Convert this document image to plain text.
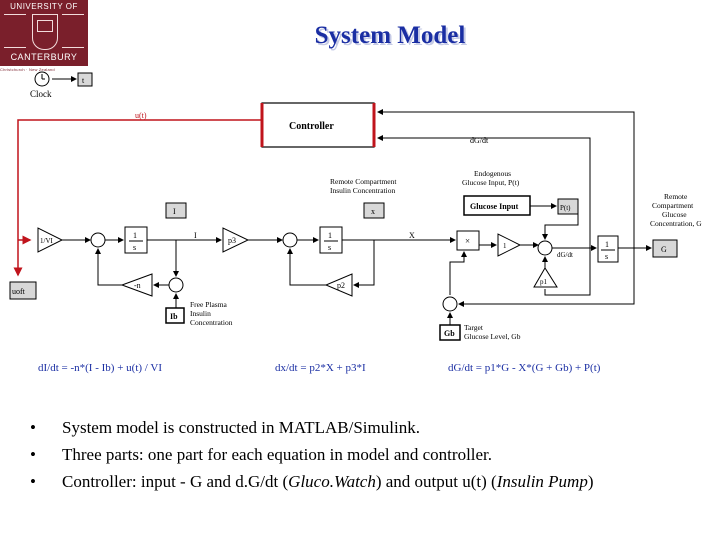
UNIVERSITY OF
CANTERBURY
Christchurch · New Zealand
System Model
Clock
t
u(t)
Controller
dG/dt
Remote Compartment Insulin Concentration
Endogenous Glucose Input, P(t)
Glucose Input	P(t)
Remote Compartment Glucose Concentration, G
1/VI
1
s
I
I
p3
1
s
x
X
×	1
dG/dt
1
s
G
uoft
-n
Ib
Free Plasma Insulin Concentration
p2	p1
Gb
Target Glucose Level, Gb
dI/dt = -n*(I - Ib) + u(t) / VI	dx/dt = p2*X + p3*I	dG/dt = p1*G - X*(G + Gb) + P(t)
• System model is constructed in MATLAB/Simulink.
• Three parts: one part for each equation in model and controller.
• Controller: input - G and d.G/dt (Gluco.Watch) and output u(t) (Insulin Pump)
